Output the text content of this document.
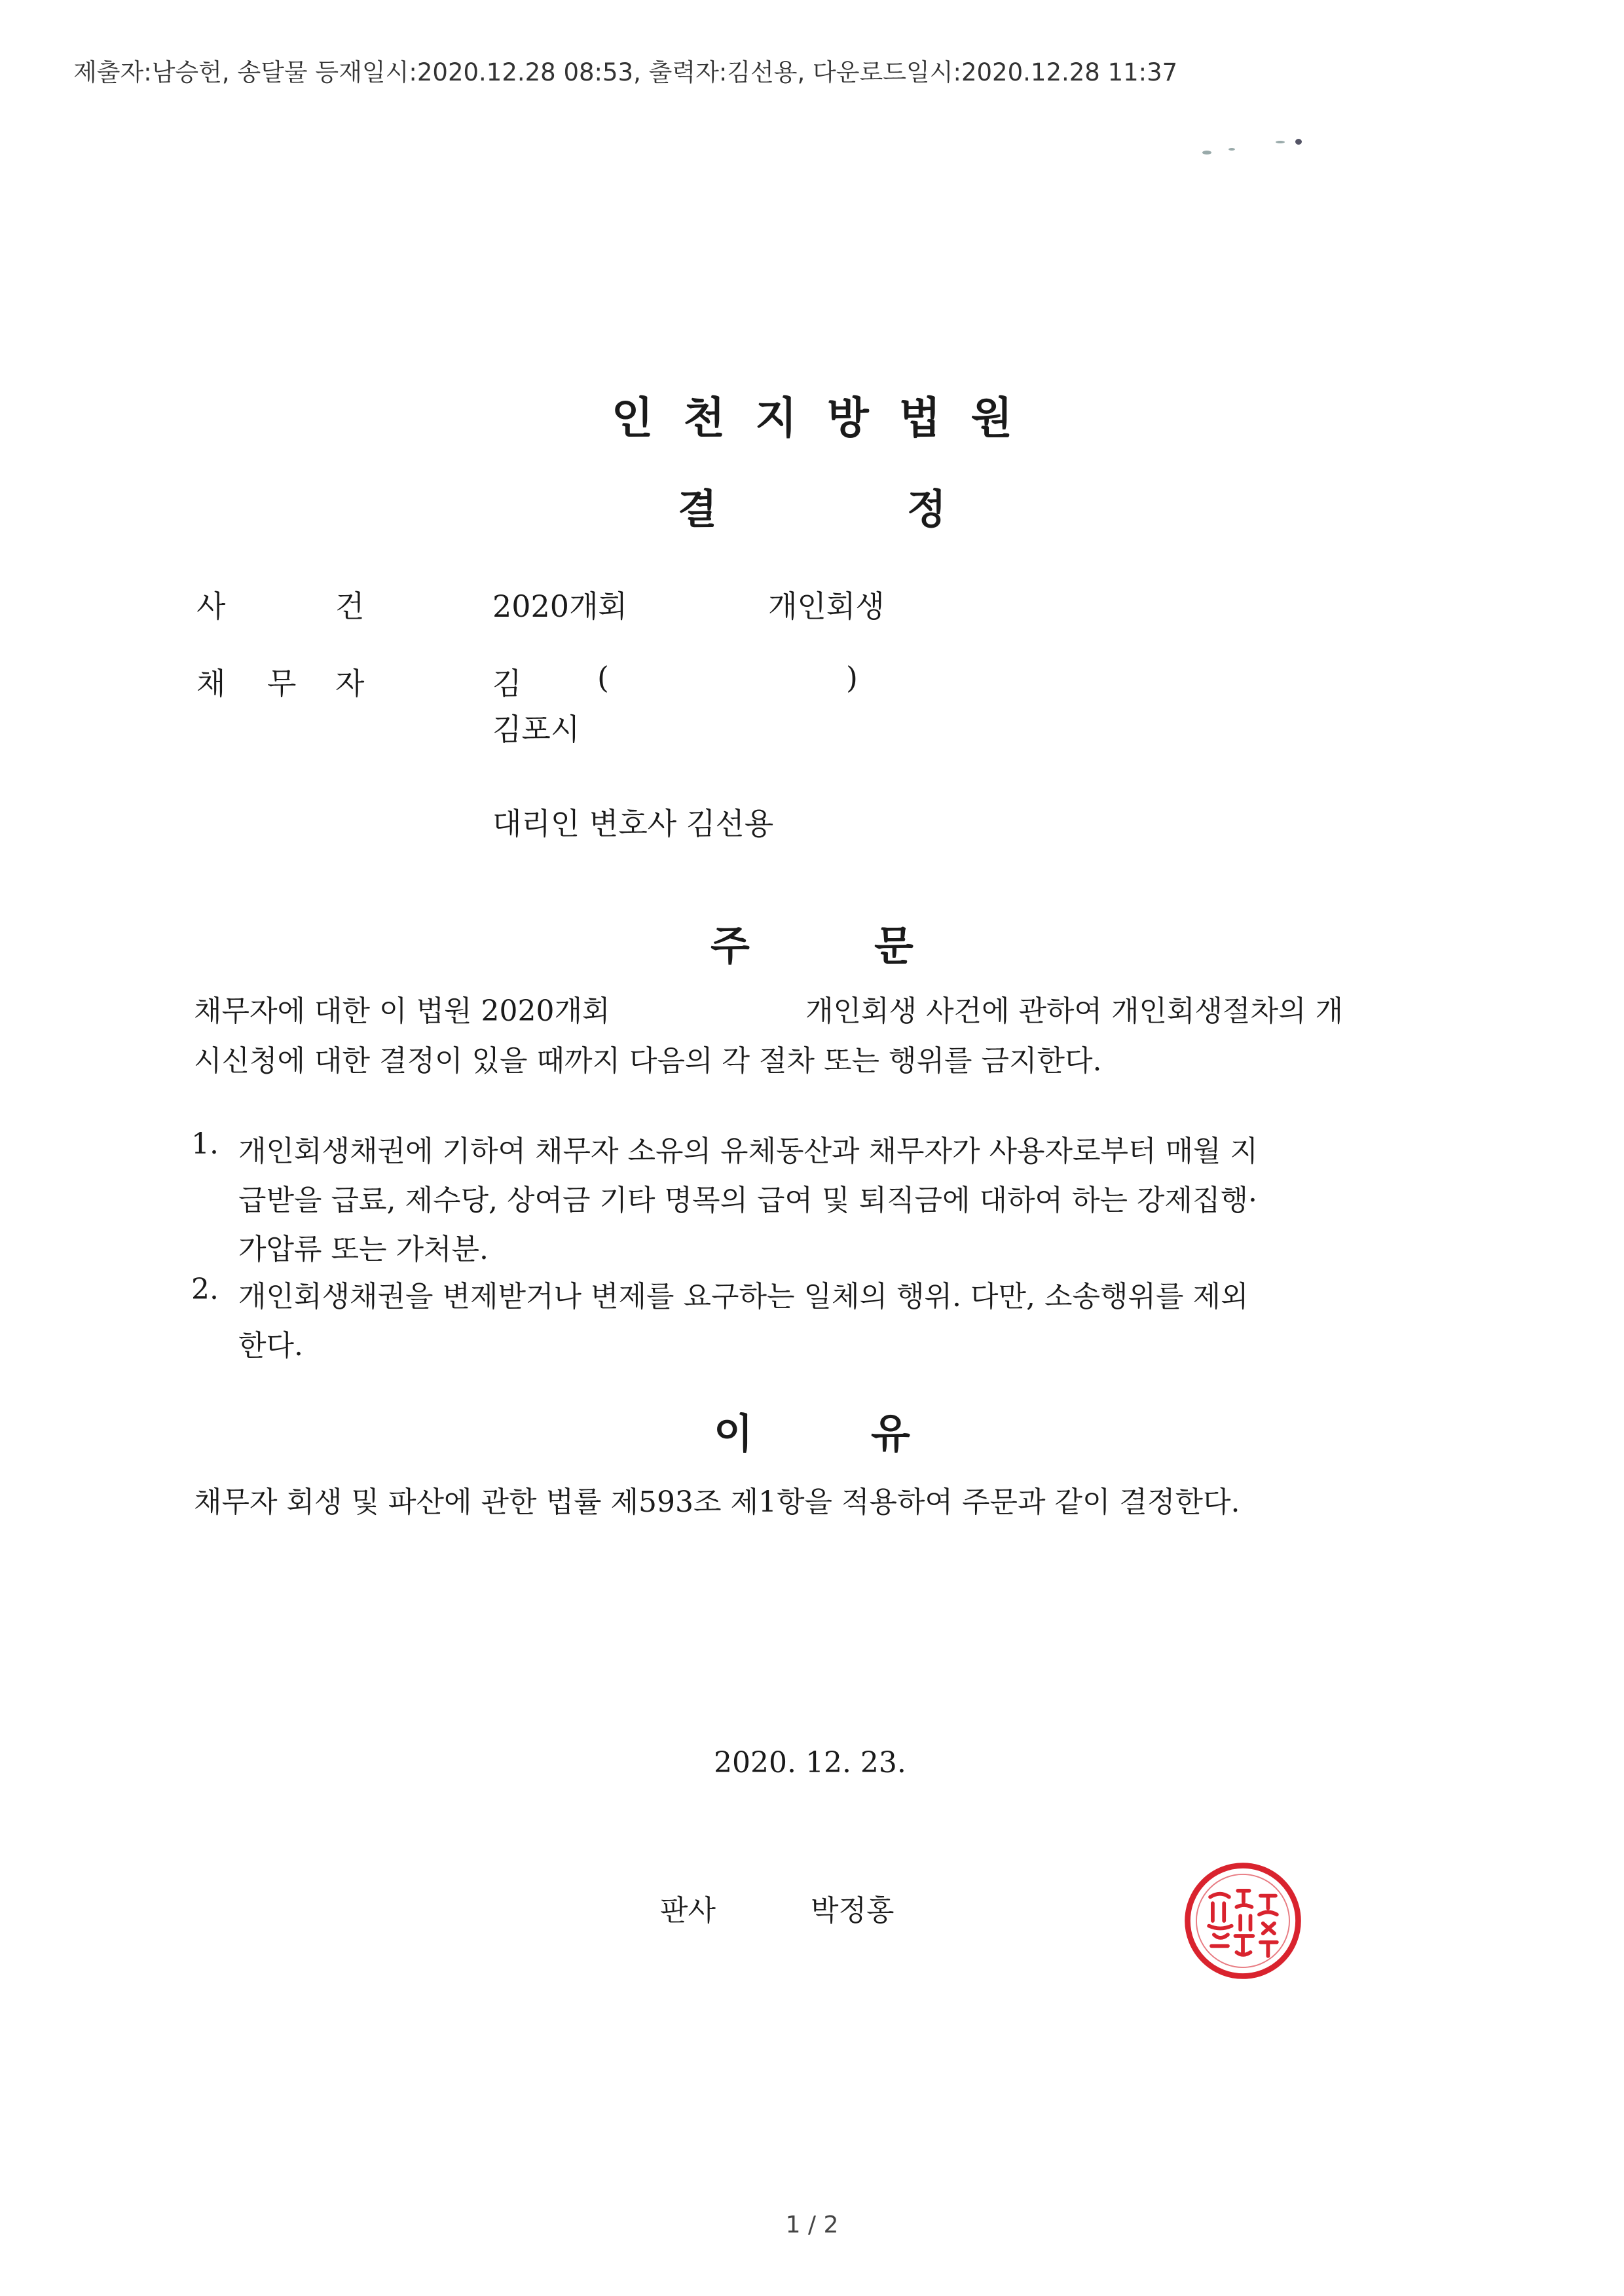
제출자:남승헌, 송달물 등재일시:2020.12.28 08:53, 출력자:김선용, 다운로드일시:2020.12.28 11:37
인 천 지 방 법 원
결	정
사	건	2020개회	개인회생
채 무 자	김	(	)
김포시
대리인 변호사 김선용
주	문
채무자에 대한 이 법원 2020개회	개인회생 사건에 관하여 개인회생절차의 개
시신청에 대한 결정이 있을 때까지 다음의 각 절차 또는 행위를 금지한다.
1. 개인회생채권에 기하여 채무자 소유의 유체동산과 채무자가 사용자로부터 매월 지
급받을 급료, 제수당, 상여금 기타 명목의 급여 및 퇴직금에 대하여 하는 강제집행·
가압류 또는 가처분.
2. 개인회생채권을 변제받거나 변제를 요구하는 일체의 행위. 다만, 소송행위를 제외
한다.
이	유
채무자 회생 및 파산에 관한 법률 제593조 제1항을 적용하여 주문과 같이 결정한다.
2020. 12. 23.
판사	박정홍
1 / 2
